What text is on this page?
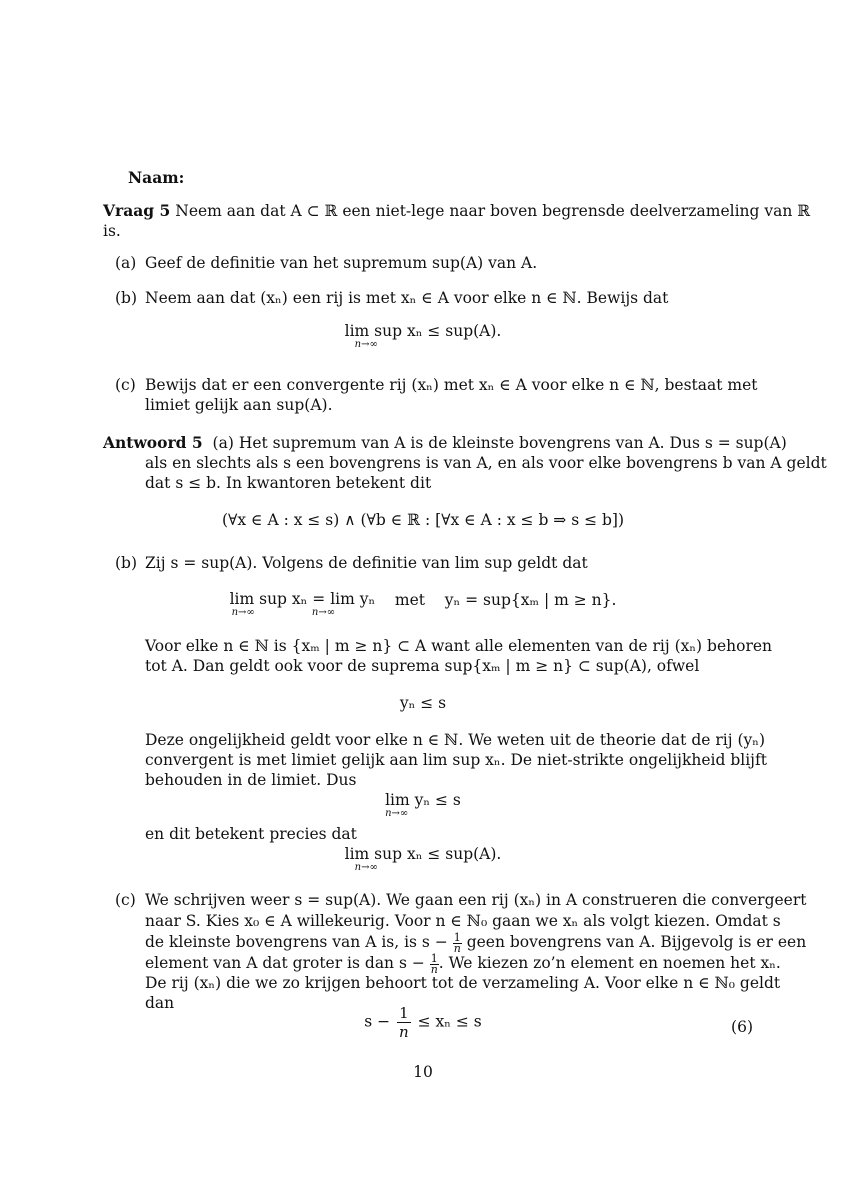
Naam:
Vraag 5 Neem aan dat A ⊂ ℝ een niet-lege naar boven begrensde deelverzameling van ℝ
is.
(a) Geef de definitie van het supremum sup(A) van A.
(b) Neem aan dat (xₙ) een rij is met xₙ ∈ A voor elke n ∈ ℕ. Bewijs dat
lim sup xₙ ≤ sup(A).
n→∞
(c) Bewijs dat er een convergente rij (xₙ) met xₙ ∈ A voor elke n ∈ ℕ, bestaat met
limiet gelijk aan sup(A).
Antwoord 5 (a) Het supremum van A is de kleinste bovengrens van A. Dus s = sup(A)
als en slechts als s een bovengrens is van A, en als voor elke bovengrens b van A geldt
dat s ≤ b. In kwantoren betekent dit
(∀x ∈ A : x ≤ s) ∧ (∀b ∈ ℝ : [∀x ∈ A : x ≤ b ⇒ s ≤ b])
(b) Zij s = sup(A). Volgens de definitie van lim sup geldt dat
lim sup xₙ = lim yₙ
n→∞	n→∞
met yₙ = sup{xₘ | m ≥ n}.
Voor elke n ∈ ℕ is {xₘ | m ≥ n} ⊂ A want alle elementen van de rij (xₙ) behoren
tot A. Dan geldt ook voor de suprema sup{xₘ | m ≥ n} ⊂ sup(A), ofwel
yₙ ≤ s
Deze ongelijkheid geldt voor elke n ∈ ℕ. We weten uit de theorie dat de rij (yₙ)
convergent is met limiet gelijk aan lim sup xₙ. De niet-strikte ongelijkheid blijft
behouden in de limiet. Dus
lim yₙ ≤ s
n→∞
en dit betekent precies dat
lim sup xₙ ≤ sup(A).
n→∞
(c) We schrijven weer s = sup(A). We gaan een rij (xₙ) in A construeren die convergeert
naar S. Kies x₀ ∈ A willekeurig. Voor n ∈ ℕ₀ gaan we xₙ als volgt kiezen. Omdat s
de kleinste bovengrens van A is, is $s - \frac{1}{n}$ geen bovengrens van A. Bijgevolg is er een
element van A dat groter is dan $s - \frac{1}{n}$ . We kiezen zo’n element en noemen het xₙ.
De rij (xₙ) die we zo krijgen behoort tot de verzameling A. Voor elke n ∈ ℕ₀ geldt
dan
$s - \frac{1}{n} \le x_n \le s$	(6)
10
